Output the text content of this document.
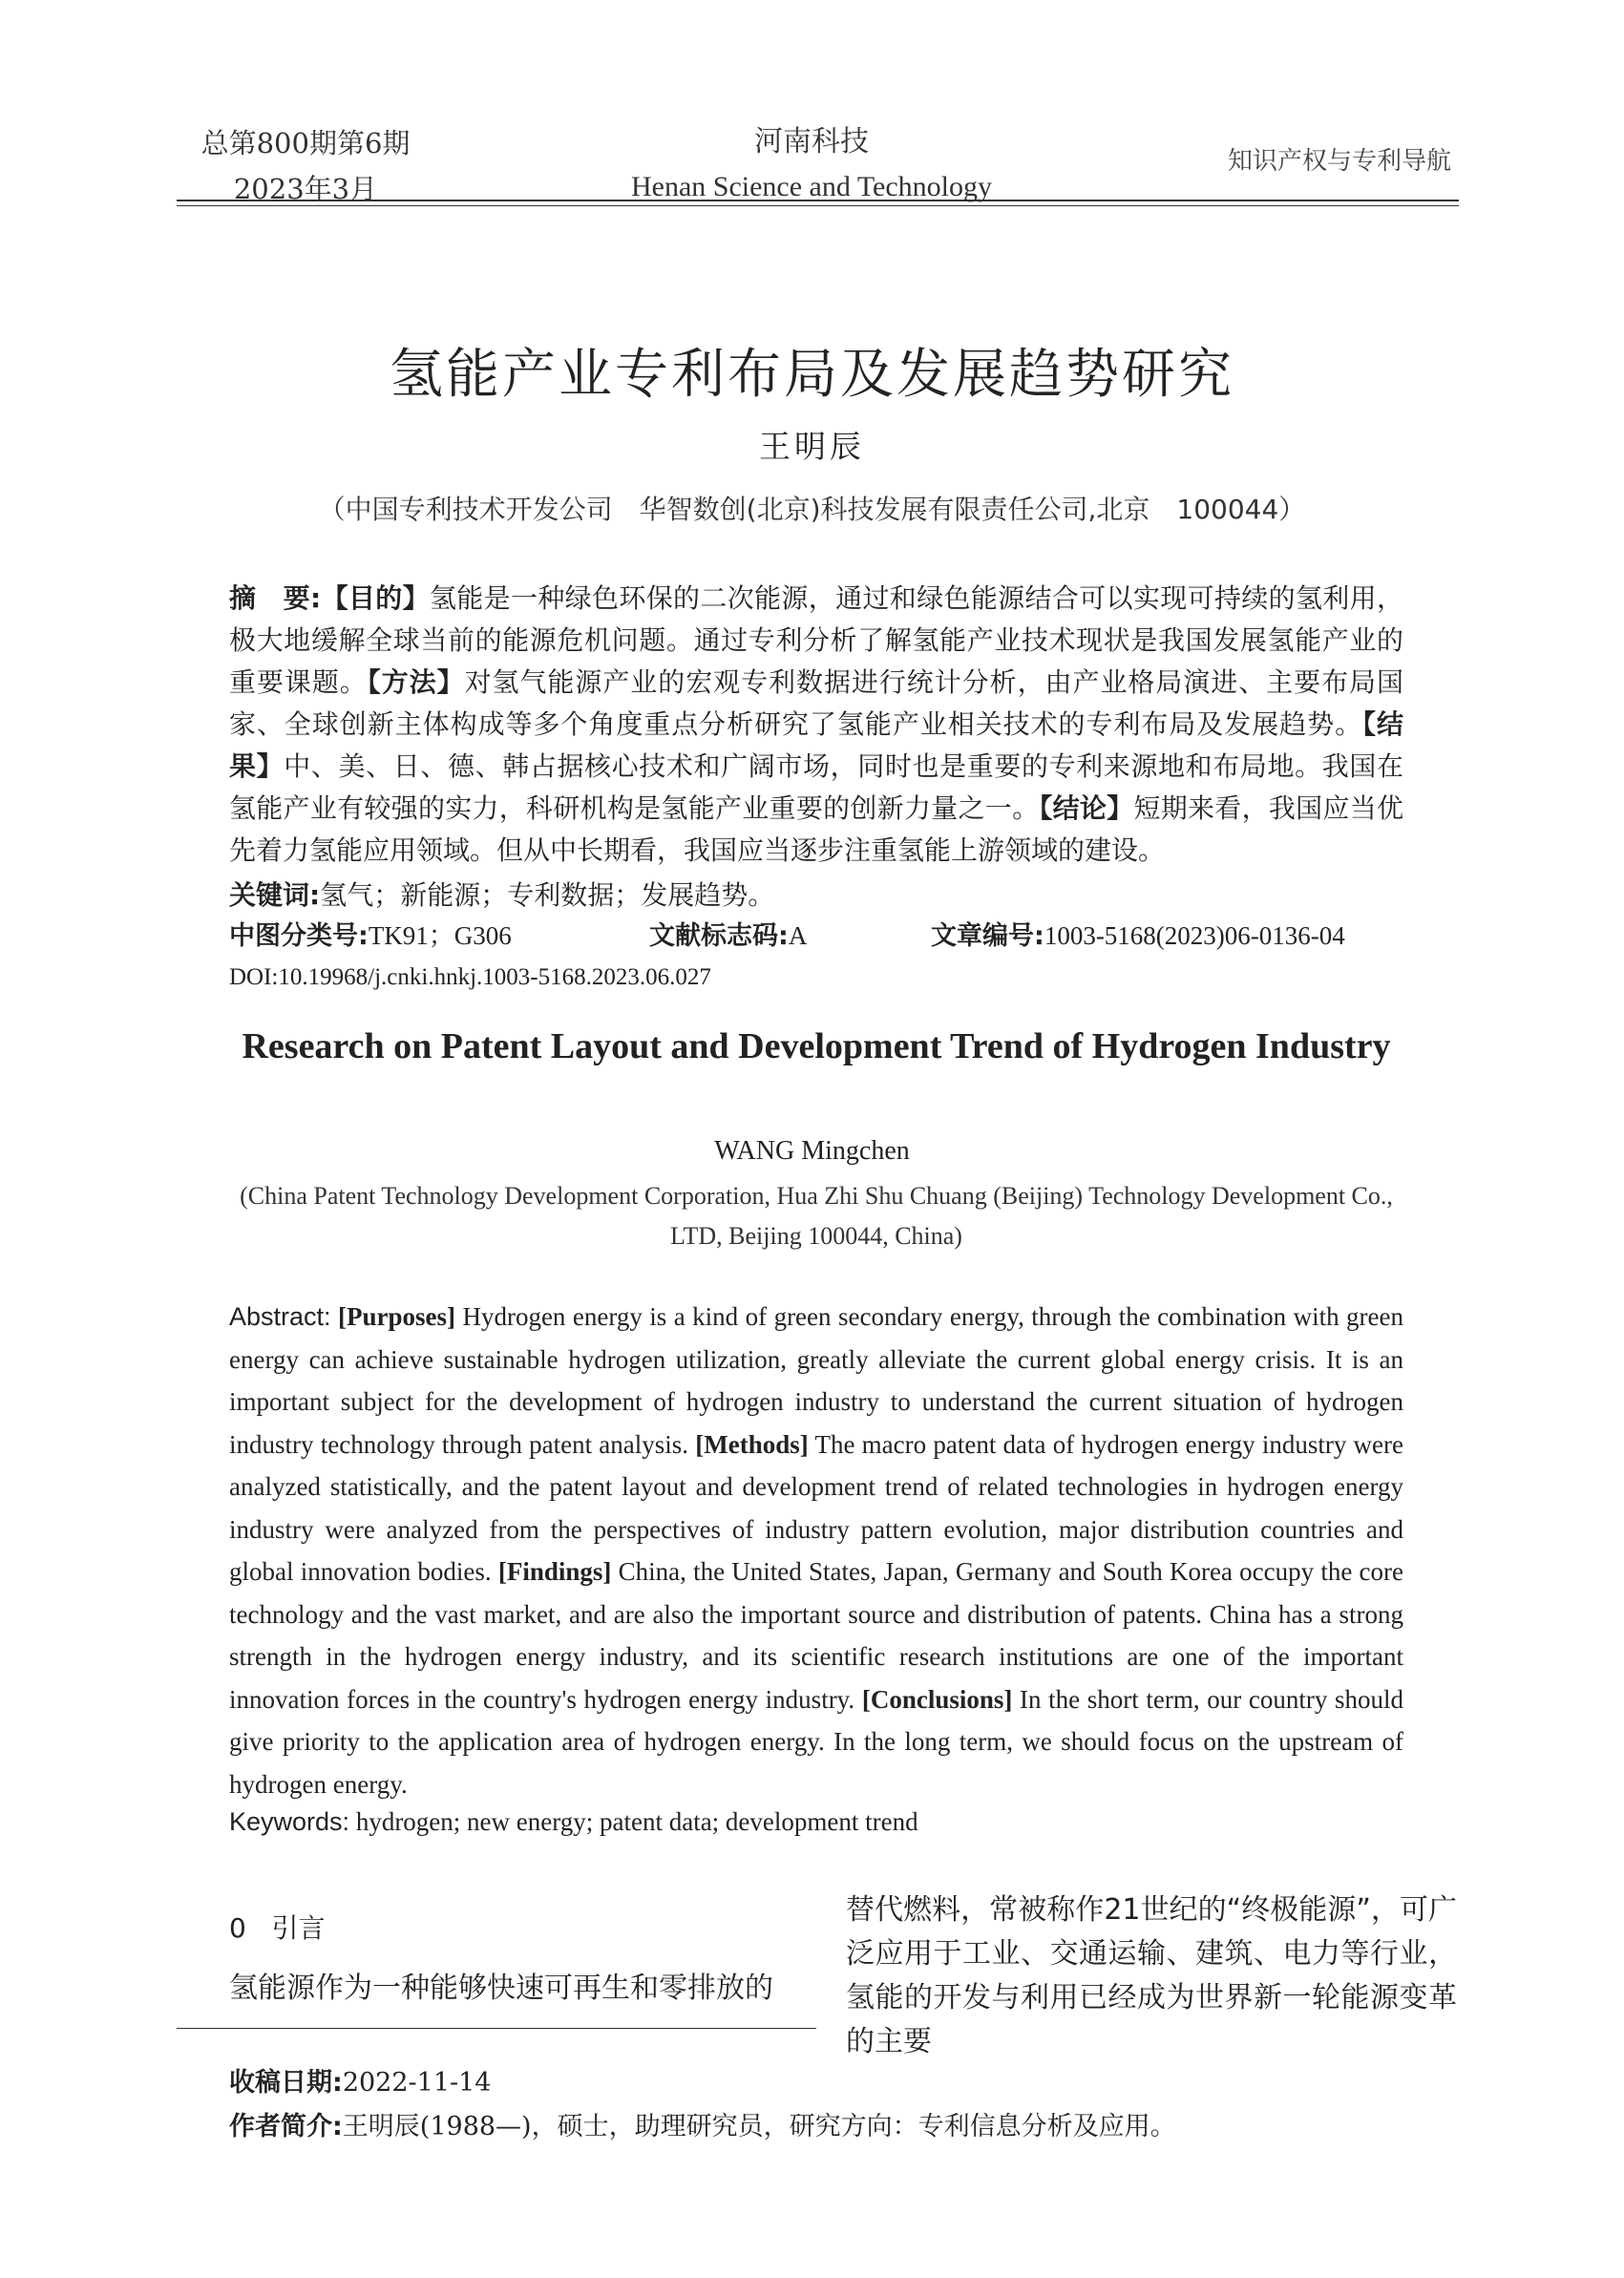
总第800期第6期
2023年3月
河南科技
Henan Science and Technology
知识产权与专利导航
氢能产业专利布局及发展趋势研究
王明辰
（中国专利技术开发公司　华智数创(北京)科技发展有限责任公司,北京　100044）
摘　要:【目的】氢能是一种绿色环保的二次能源，通过和绿色能源结合可以实现可持续的氢利用，极大地缓解全球当前的能源危机问题。通过专利分析了解氢能产业技术现状是我国发展氢能产业的重要课题。【方法】对氢气能源产业的宏观专利数据进行统计分析，由产业格局演进、主要布局国家、全球创新主体构成等多个角度重点分析研究了氢能产业相关技术的专利布局及发展趋势。【结果】中、美、日、德、韩占据核心技术和广阔市场，同时也是重要的专利来源地和布局地。我国在氢能产业有较强的实力，科研机构是氢能产业重要的创新力量之一。【结论】短期来看，我国应当优先着力氢能应用领域。但从中长期看，我国应当逐步注重氢能上游领域的建设。
关键词:氢气；新能源；专利数据；发展趋势。
中图分类号:TK91；G306	文献标志码:A	文章编号:1003-5168(2023)06-0136-04
DOI:10.19968/j.cnki.hnkj.1003-5168.2023.06.027
Research on Patent Layout and Development Trend of Hydrogen Industry
WANG Mingchen
(China Patent Technology Development Corporation, Hua Zhi Shu Chuang (Beijing) Technology Development Co., LTD, Beijing 100044, China)
Abstract: [Purposes] Hydrogen energy is a kind of green secondary energy, through the combination with green energy can achieve sustainable hydrogen utilization, greatly alleviate the current global energy crisis. It is an important subject for the development of hydrogen industry to understand the current situation of hydrogen industry technology through patent analysis. [Methods] The macro patent data of hydrogen energy industry were analyzed statistically, and the patent layout and development trend of related technologies in hydrogen energy industry were analyzed from the perspectives of industry pattern evolution, major distribution countries and global innovation bodies. [Findings] China, the United States, Japan, Germany and South Korea occupy the core technology and the vast market, and are also the important source and distribution of patents. China has a strong strength in the hydrogen energy industry, and its scientific research institutions are one of the important innovation forces in the country's hydrogen energy industry. [Conclusions] In the short term, our country should give priority to the application area of hydrogen energy. In the long term, we should focus on the upstream of hydrogen energy.
Keywords: hydrogen; new energy; patent data; development trend
0 引言
氢能源作为一种能够快速可再生和零排放的
替代燃料，常被称作21世纪的“终极能源”，可广泛应用于工业、交通运输、建筑、电力等行业，氢能的开发与利用已经成为世界新一轮能源变革的主要
收稿日期:2022-11-14
作者简介:王明辰(1988—)，硕士，助理研究员，研究方向：专利信息分析及应用。
